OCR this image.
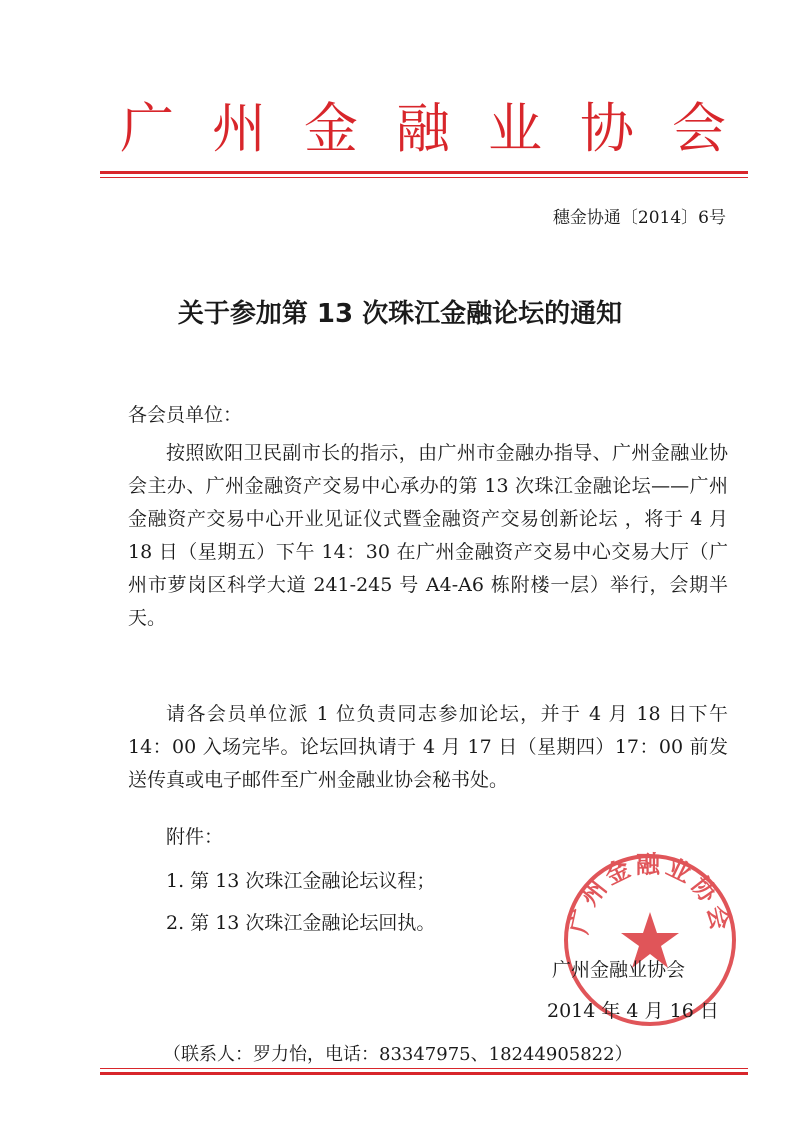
广州金融业协会
穗金协通〔2014〕6号
关于参加第 13 次珠江金融论坛的通知
各会员单位：

按照欧阳卫民副市长的指示，由广州市金融办指导、广州金融业协会主办、广州金融资产交易中心承办的第 13 次珠江金融论坛——广州金融资产交易中心开业见证仪式暨金融资产交易创新论坛 ，将于 4 月 18 日（星期五）下午 14：30 在广州金融资产交易中心交易大厅（广州市萝岗区科学大道 241-245 号 A4-A6 栋附楼一层）举行，会期半天。

请各会员单位派 1 位负责同志参加论坛，并于 4 月 18 日下午 14：00 入场完毕。论坛回执请于 4 月 17 日（星期四）17：00 前发送传真或电子邮件至广州金融业协会秘书处。

附件：
1. 第 13 次珠江金融论坛议程；
2. 第 13 次珠江金融论坛回执。	广州金融业协会
广州金融业协会
2014 年 4 月 16 日
（联系人：罗力怡，电话：83347975、18244905822）
